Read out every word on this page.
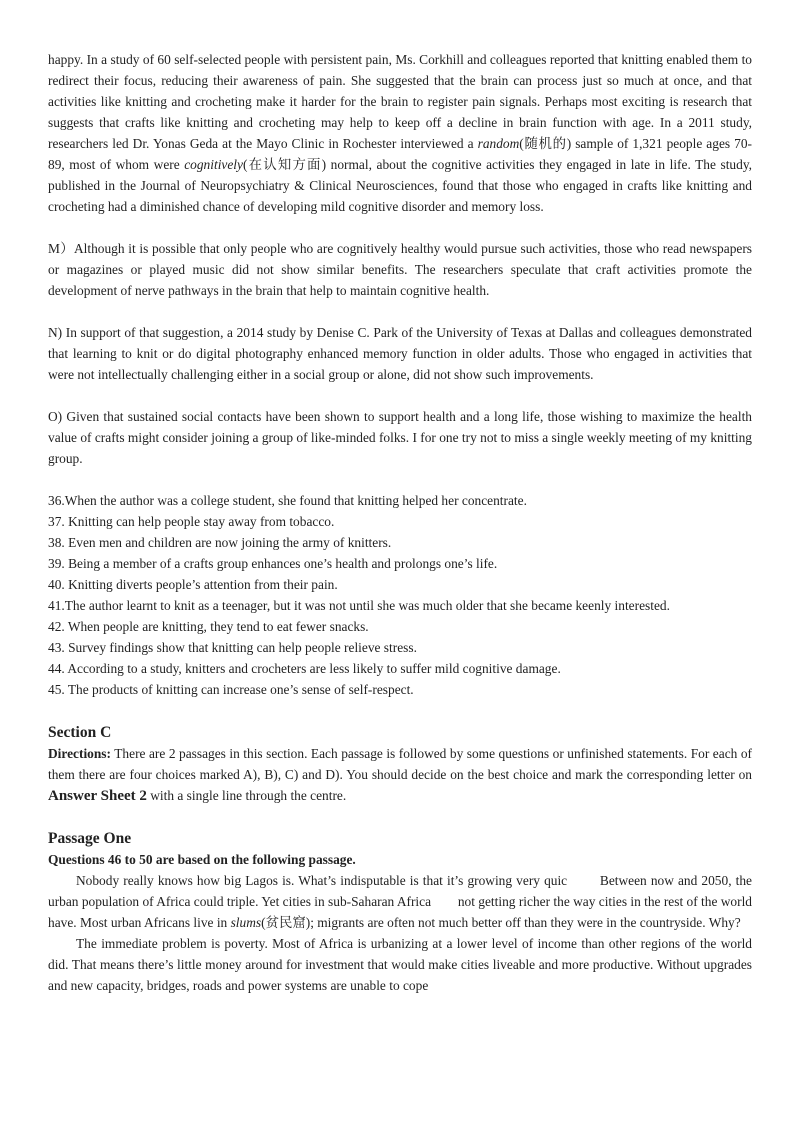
happy. In a study of 60 self-selected people with persistent pain, Ms. Corkhill and colleagues reported that knitting enabled them to redirect their focus, reducing their awareness of pain. She suggested that the brain can process just so much at once, and that activities like knitting and crocheting make it harder for the brain to register pain signals. Perhaps most exciting is research that suggests that crafts like knitting and crocheting may help to keep off a decline in brain function with age. In a 2011 study, researchers led Dr. Yonas Geda at the Mayo Clinic in Rochester interviewed a random(随机的) sample of 1,321 people ages 70-89, most of whom were cognitively(在认知方面) normal, about the cognitive activities they engaged in late in life. The study, published in the Journal of Neuropsychiatry & Clinical Neurosciences, found that those who engaged in crafts like knitting and crocheting had a diminished chance of developing mild cognitive disorder and memory loss.

M）Although it is possible that only people who are cognitively healthy would pursue such activities, those who read newspapers or magazines or played music did not show similar benefits. The researchers speculate that craft activities promote the development of nerve pathways in the brain that help to maintain cognitive health.

N) In support of that suggestion, a 2014 study by Denise C. Park of the University of Texas at Dallas and colleagues demonstrated that learning to knit or do digital photography enhanced memory function in older adults. Those who engaged in activities that were not intellectually challenging either in a social group or alone, did not show such improvements.

O) Given that sustained social contacts have been shown to support health and a long life, those wishing to maximize the health value of crafts might consider joining a group of like-minded folks. I for one try not to miss a single weekly meeting of my knitting group.

36.When the author was a college student, she found that knitting helped her concentrate.

37. Knitting can help people stay away from tobacco.

38. Even men and children are now joining the army of knitters.

39. Being a member of a crafts group enhances one’s health and prolongs one’s life.

40. Knitting diverts people’s attention from their pain.

41.The author learnt to knit as a teenager, but it was not until she was much older that she became keenly interested.

42. When people are knitting, they tend to eat fewer snacks.

43. Survey findings show that knitting can help people relieve stress.

44. According to a study, knitters and crocheters are less likely to suffer mild cognitive damage.

45. The products of knitting can increase one’s sense of self-respect.

Section C

Directions: There are 2 passages in this section. Each passage is followed by some questions or unfinished statements. For each of them there are four choices marked A), B), C) and D). You should decide on the best choice and mark the corresponding letter on Answer Sheet 2 with a single line through the centre.

Passage One

Questions 46 to 50 are based on the following passage.

Nobody really knows how big Lagos is. What’s indisputable is that it’s growing very quic        Between now and 2050, the urban population of Africa could triple. Yet cities in sub-Saharan Africa        not getting richer the way cities in the rest of the world have. Most urban Africans live in slums(贫民窟); migrants are often not much better off than they were in the countryside. Why?

The immediate problem is poverty. Most of Africa is urbanizing at a lower level of income than other regions of the world did. That means there’s little money around for investment that would make cities liveable and more productive. Without upgrades and new capacity, bridges, roads and power systems are unable to cope
